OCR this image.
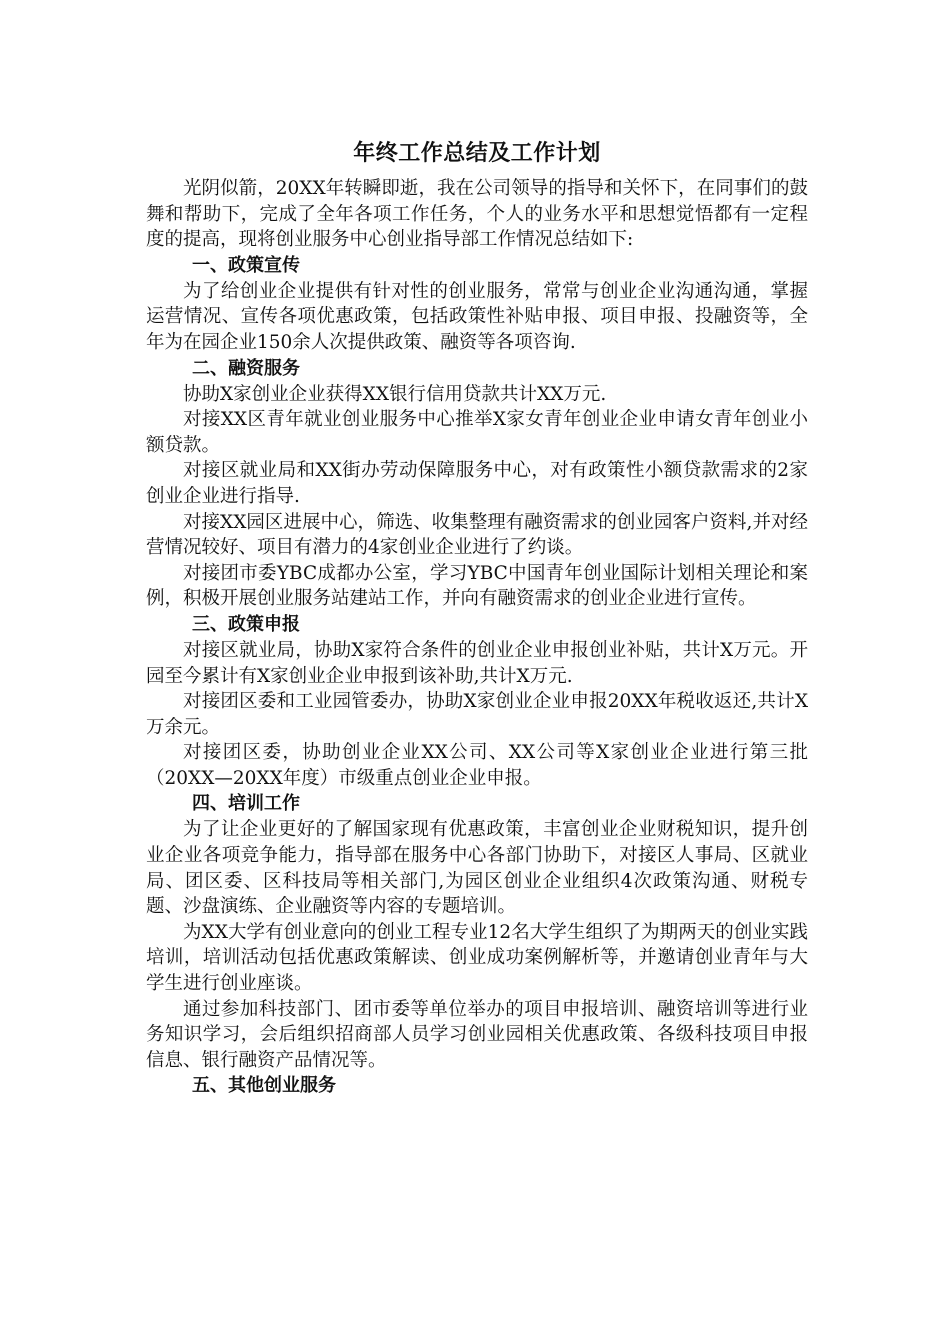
年终工作总结及工作计划

光阴似箭，20XX年转瞬即逝，我在公司领导的指导和关怀下，在同事们的鼓舞和帮助下，完成了全年各项工作任务，个人的业务水平和思想觉悟都有一定程度的提高，现将创业服务中心创业指导部工作情况总结如下:

一、政策宣传

为了给创业企业提供有针对性的创业服务，常常与创业企业沟通沟通，掌握运营情况、宣传各项优惠政策，包括政策性补贴申报、项目申报、投融资等，全年为在园企业150余人次提供政策、融资等各项咨询.

二、融资服务

协助X家创业企业获得XX银行信用贷款共计XX万元.

对接XX区青年就业创业服务中心推举X家女青年创业企业申请女青年创业小额贷款。

对接区就业局和XX街办劳动保障服务中心，对有政策性小额贷款需求的2家创业企业进行指导.

对接XX园区进展中心，筛选、收集整理有融资需求的创业园客户资料,并对经营情况较好、项目有潜力的4家创业企业进行了约谈。

对接团市委YBC成都办公室，学习YBC中国青年创业国际计划相关理论和案例，积极开展创业服务站建站工作，并向有融资需求的创业企业进行宣传。

三、政策申报

对接区就业局，协助X家符合条件的创业企业申报创业补贴，共计X万元。开园至今累计有X家创业企业申报到该补助,共计X万元.

对接团区委和工业园管委办，协助X家创业企业申报20XX年税收返还,共计X万余元。

对接团区委，协助创业企业XX公司、XX公司等X家创业企业进行第三批（20XX—20XX年度）市级重点创业企业申报。

四、培训工作

为了让企业更好的了解国家现有优惠政策，丰富创业企业财税知识，提升创业企业各项竞争能力，指导部在服务中心各部门协助下，对接区人事局、区就业局、团区委、区科技局等相关部门,为园区创业企业组织4次政策沟通、财税专题、沙盘演练、企业融资等内容的专题培训。

为XX大学有创业意向的创业工程专业12名大学生组织了为期两天的创业实践培训，培训活动包括优惠政策解读、创业成功案例解析等，并邀请创业青年与大学生进行创业座谈。

通过参加科技部门、团市委等单位举办的项目申报培训、融资培训等进行业务知识学习，会后组织招商部人员学习创业园相关优惠政策、各级科技项目申报信息、银行融资产品情况等。

五、其他创业服务
